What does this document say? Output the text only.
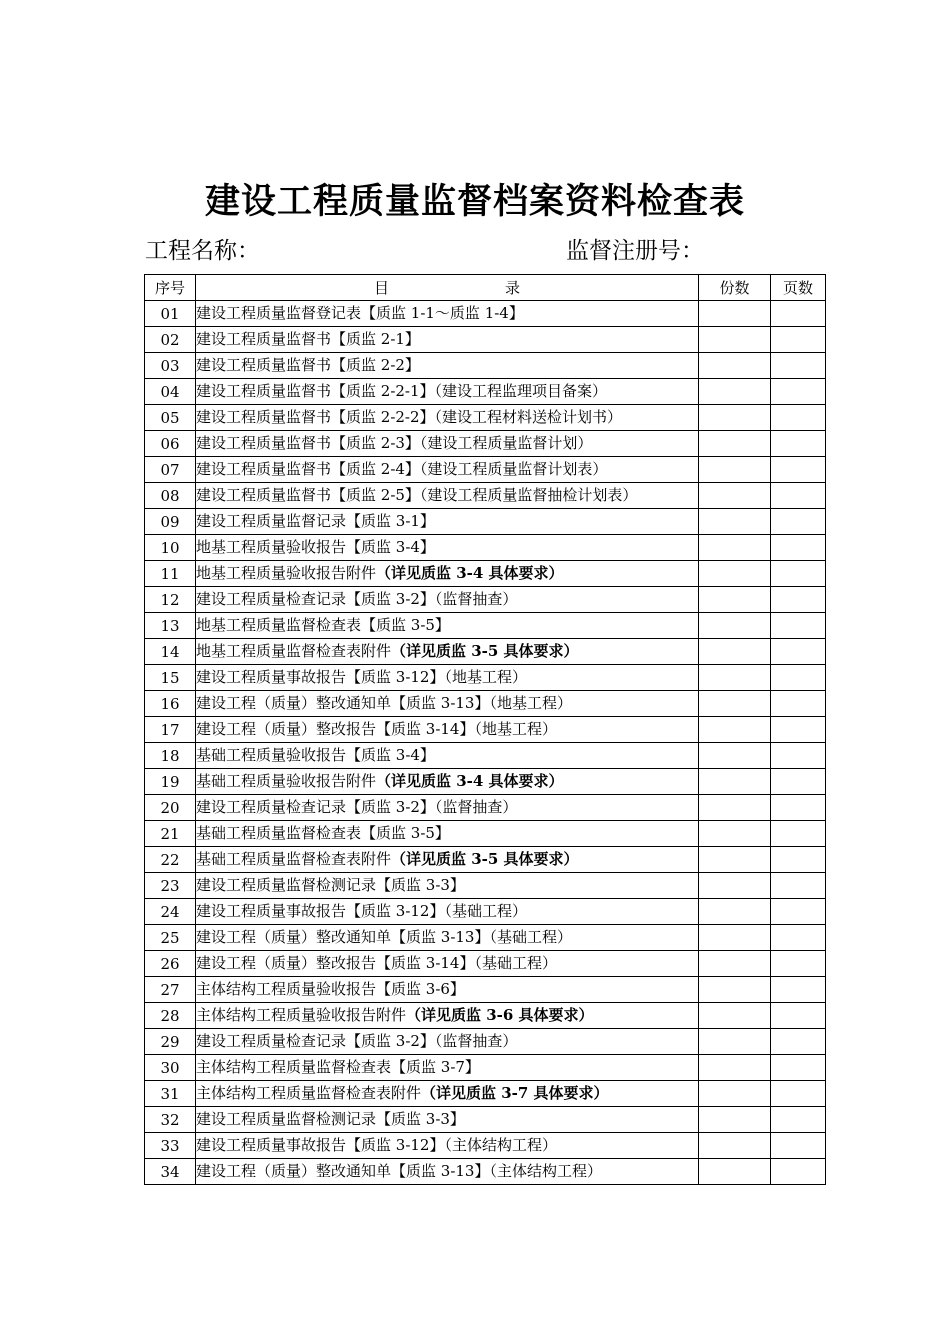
建设工程质量监督档案资料检查表
工程名称：	监督注册号：
序号	目 录	份数	页数
01	建设工程质量监督登记表【质监 1-1～质监 1-4】		
02	建设工程质量监督书【质监 2-1】		
03	建设工程质量监督书【质监 2-2】		
04	建设工程质量监督书【质监 2-2-1】（建设工程监理项目备案）		
05	建设工程质量监督书【质监 2-2-2】（建设工程材料送检计划书）		
06	建设工程质量监督书【质监 2-3】（建设工程质量监督计划）		
07	建设工程质量监督书【质监 2-4】（建设工程质量监督计划表）		
08	建设工程质量监督书【质监 2-5】（建设工程质量监督抽检计划表）		
09	建设工程质量监督记录【质监 3-1】		
10	地基工程质量验收报告【质监 3-4】		
11	地基工程质量验收报告附件（详见质监 3-4 具体要求）		
12	建设工程质量检查记录【质监 3-2】（监督抽查）		
13	地基工程质量监督检查表【质监 3-5】		
14	地基工程质量监督检查表附件（详见质监 3-5 具体要求）		
15	建设工程质量事故报告【质监 3-12】（地基工程）		
16	建设工程（质量）整改通知单【质监 3-13】（地基工程）		
17	建设工程（质量）整改报告【质监 3-14】（地基工程）		
18	基础工程质量验收报告【质监 3-4】		
19	基础工程质量验收报告附件（详见质监 3-4 具体要求）		
20	建设工程质量检查记录【质监 3-2】（监督抽查）		
21	基础工程质量监督检查表【质监 3-5】		
22	基础工程质量监督检查表附件（详见质监 3-5 具体要求）		
23	建设工程质量监督检测记录【质监 3-3】		
24	建设工程质量事故报告【质监 3-12】（基础工程）		
25	建设工程（质量）整改通知单【质监 3-13】（基础工程）		
26	建设工程（质量）整改报告【质监 3-14】（基础工程）		
27	主体结构工程质量验收报告【质监 3-6】		
28	主体结构工程质量验收报告附件（详见质监 3-6 具体要求）		
29	建设工程质量检查记录【质监 3-2】（监督抽查）		
30	主体结构工程质量监督检查表【质监 3-7】		
31	主体结构工程质量监督检查表附件（详见质监 3-7 具体要求）		
32	建设工程质量监督检测记录【质监 3-3】		
33	建设工程质量事故报告【质监 3-12】（主体结构工程）		
34	建设工程（质量）整改通知单【质监 3-13】（主体结构工程）		
